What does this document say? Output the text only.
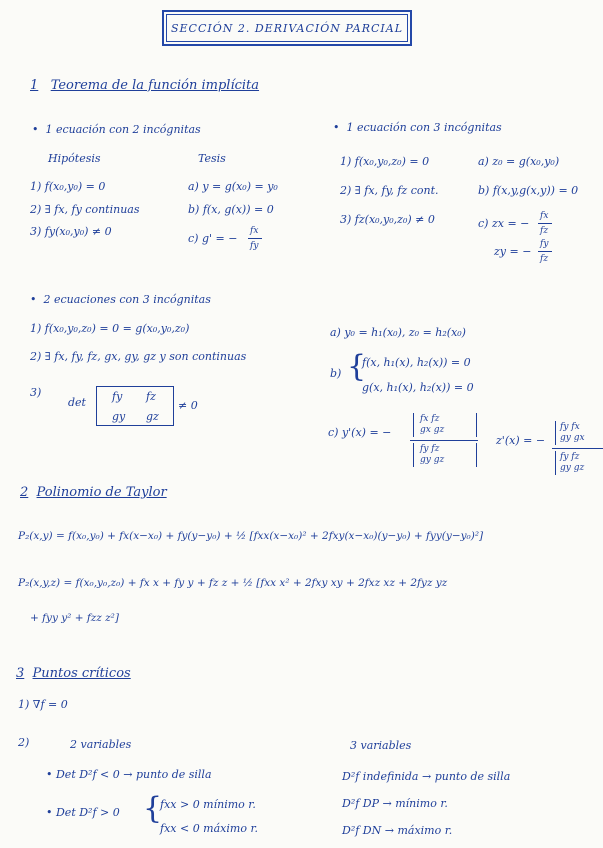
SECCIÓN 2. DERIVACIÓN PARCIAL
1 Teorema de la función implícita
•  1 ecuación con 2 incógnitas
Hipótesis	Tesis
1) f(x₀,y₀) = 0
2) ∃ fx, fy continuas
3) fy(x₀,y₀) ≠ 0
a) y = g(x₀) = y₀
b) f(x, g(x)) = 0
c) g' = −
fx
fy
•  1 ecuación con 3 incógnitas
1) f(x₀,y₀,z₀) = 0
2) ∃ fx, fy, fz cont.
3) fz(x₀,y₀,z₀) ≠ 0
a) z₀ = g(x₀,y₀)
b) f(x,y,g(x,y)) = 0
c) zx = −
fx
fz
zy = −
fy
fz
•  2 ecuaciones con 3 incógnitas
1) f(x₀,y₀,z₀) = 0 = g(x₀,y₀,z₀)
2) ∃ fx, fy, fz, gx, gy, gz y son continuas
3)
det fy fz
gy gz
≠ 0
a) y₀ = h₁(x₀), z₀ = h₂(x₀)
b) {
f(x, h₁(x), h₂(x)) = 0
g(x, h₁(x), h₂(x)) = 0
c) y'(x) = −
fx fz
gx gz
fy fz
gy gz
z'(x) = −
fy fx
gy gx
fy fz
gy gz
2 Polinomio de Taylor
P₂(x,y) = f(x₀,y₀) + fx(x−x₀) + fy(y−y₀) + ½ [fxx(x−x₀)² + 2fxy(x−x₀)(y−y₀) + fyy(y−y₀)²]
P₂(x,y,z) = f(x₀,y₀,z₀) + fx x + fy y + fz z + ½ [fxx x² + 2fxy xy + 2fxz xz + 2fyz yz
+ fyy y² + fzz z²]
3 Puntos críticos
1) ∇f = 0
2)	2 variables	3 variables
• Det D²f < 0 → punto de silla
• Det D²f > 0 {
fxx > 0 mínimo r.
fxx < 0 máximo r.
D²f indefinida → punto de silla
D²f DP → mínimo r.
D²f DN → máximo r.
